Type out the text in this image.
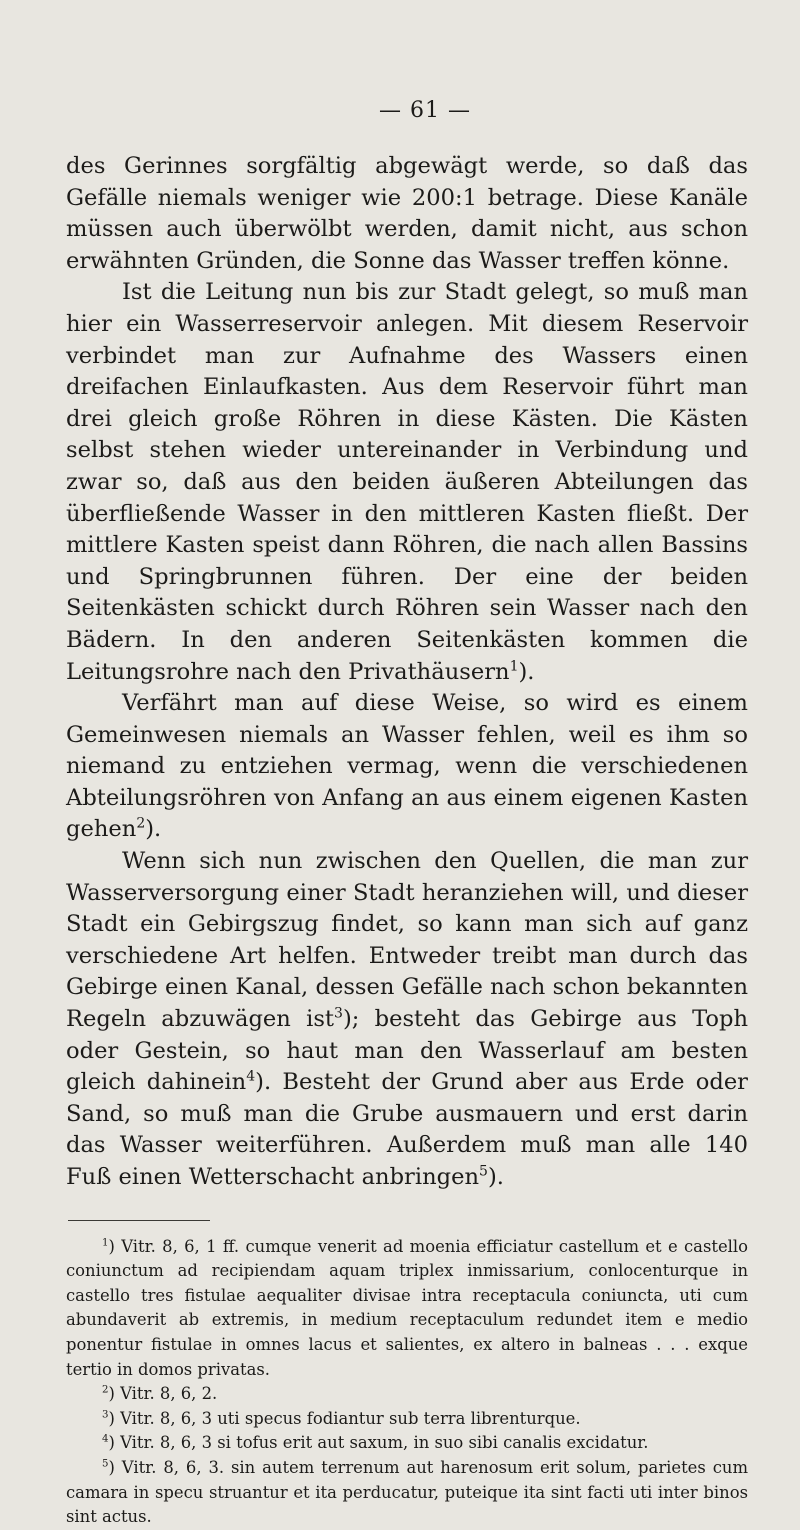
— 61 —

des Gerinnes sorgfältig abgewägt werde, so daß das Gefälle niemals weniger wie 200:1 betrage. Diese Kanäle müssen auch überwölbt werden, damit nicht, aus schon erwähnten Gründen, die Sonne das Wasser treffen könne.

Ist die Leitung nun bis zur Stadt gelegt, so muß man hier ein Wasserreservoir anlegen. Mit diesem Reservoir verbindet man zur Aufnahme des Wassers einen dreifachen Einlaufkasten. Aus dem Reservoir führt man drei gleich große Röhren in diese Kästen. Die Kästen selbst stehen wieder untereinander in Verbindung und zwar so, daß aus den beiden äußeren Abteilungen das überfließende Wasser in den mittleren Kasten fließt. Der mittlere Kasten speist dann Röhren, die nach allen Bassins und Springbrunnen führen. Der eine der beiden Seitenkästen schickt durch Röhren sein Wasser nach den Bädern. In den anderen Seitenkästen kommen die Leitungsrohre nach den Privathäusern$^1$).

Verfährt man auf diese Weise, so wird es einem Gemeinwesen niemals an Wasser fehlen, weil es ihm so niemand zu entziehen vermag, wenn die verschiedenen Abteilungsröhren von Anfang an aus einem eigenen Kasten gehen$^2$).

Wenn sich nun zwischen den Quellen, die man zur Wasserversorgung einer Stadt heranziehen will, und dieser Stadt ein Gebirgszug findet, so kann man sich auf ganz verschiedene Art helfen. Entweder treibt man durch das Gebirge einen Kanal, dessen Gefälle nach schon bekannten Regeln abzuwägen ist$^3$); besteht das Gebirge aus Toph oder Gestein, so haut man den Wasserlauf am besten gleich dahinein$^4$). Besteht der Grund aber aus Erde oder Sand, so muß man die Grube ausmauern und erst darin das Wasser weiterführen. Außerdem muß man alle 140 Fuß einen Wetterschacht anbringen$^5$).

$^1$) Vitr. 8, 6, 1 ff. cumque venerit ad moenia efficiatur castellum et e castello coniunctum ad recipiendam aquam triplex inmissarium, conlocenturque in castello tres fistulae aequaliter divisae intra receptacula coniuncta, uti cum abundaverit ab extremis, in medium receptaculum redundet item e medio ponentur fistulae in omnes lacus et salientes, ex altero in balneas . . . exque tertio in domos privatas.

$^2$) Vitr. 8, 6, 2.

$^3$) Vitr. 8, 6, 3 uti specus fodiantur sub terra librenturque.

$^4$) Vitr. 8, 6, 3 si tofus erit aut saxum, in suo sibi canalis excidatur.

$^5$) Vitr. 8, 6, 3. sin autem terrenum aut harenosum erit solum, parietes cum camara in specu struantur et ita perducatur, puteique ita sint facti uti inter binos sint actus.
